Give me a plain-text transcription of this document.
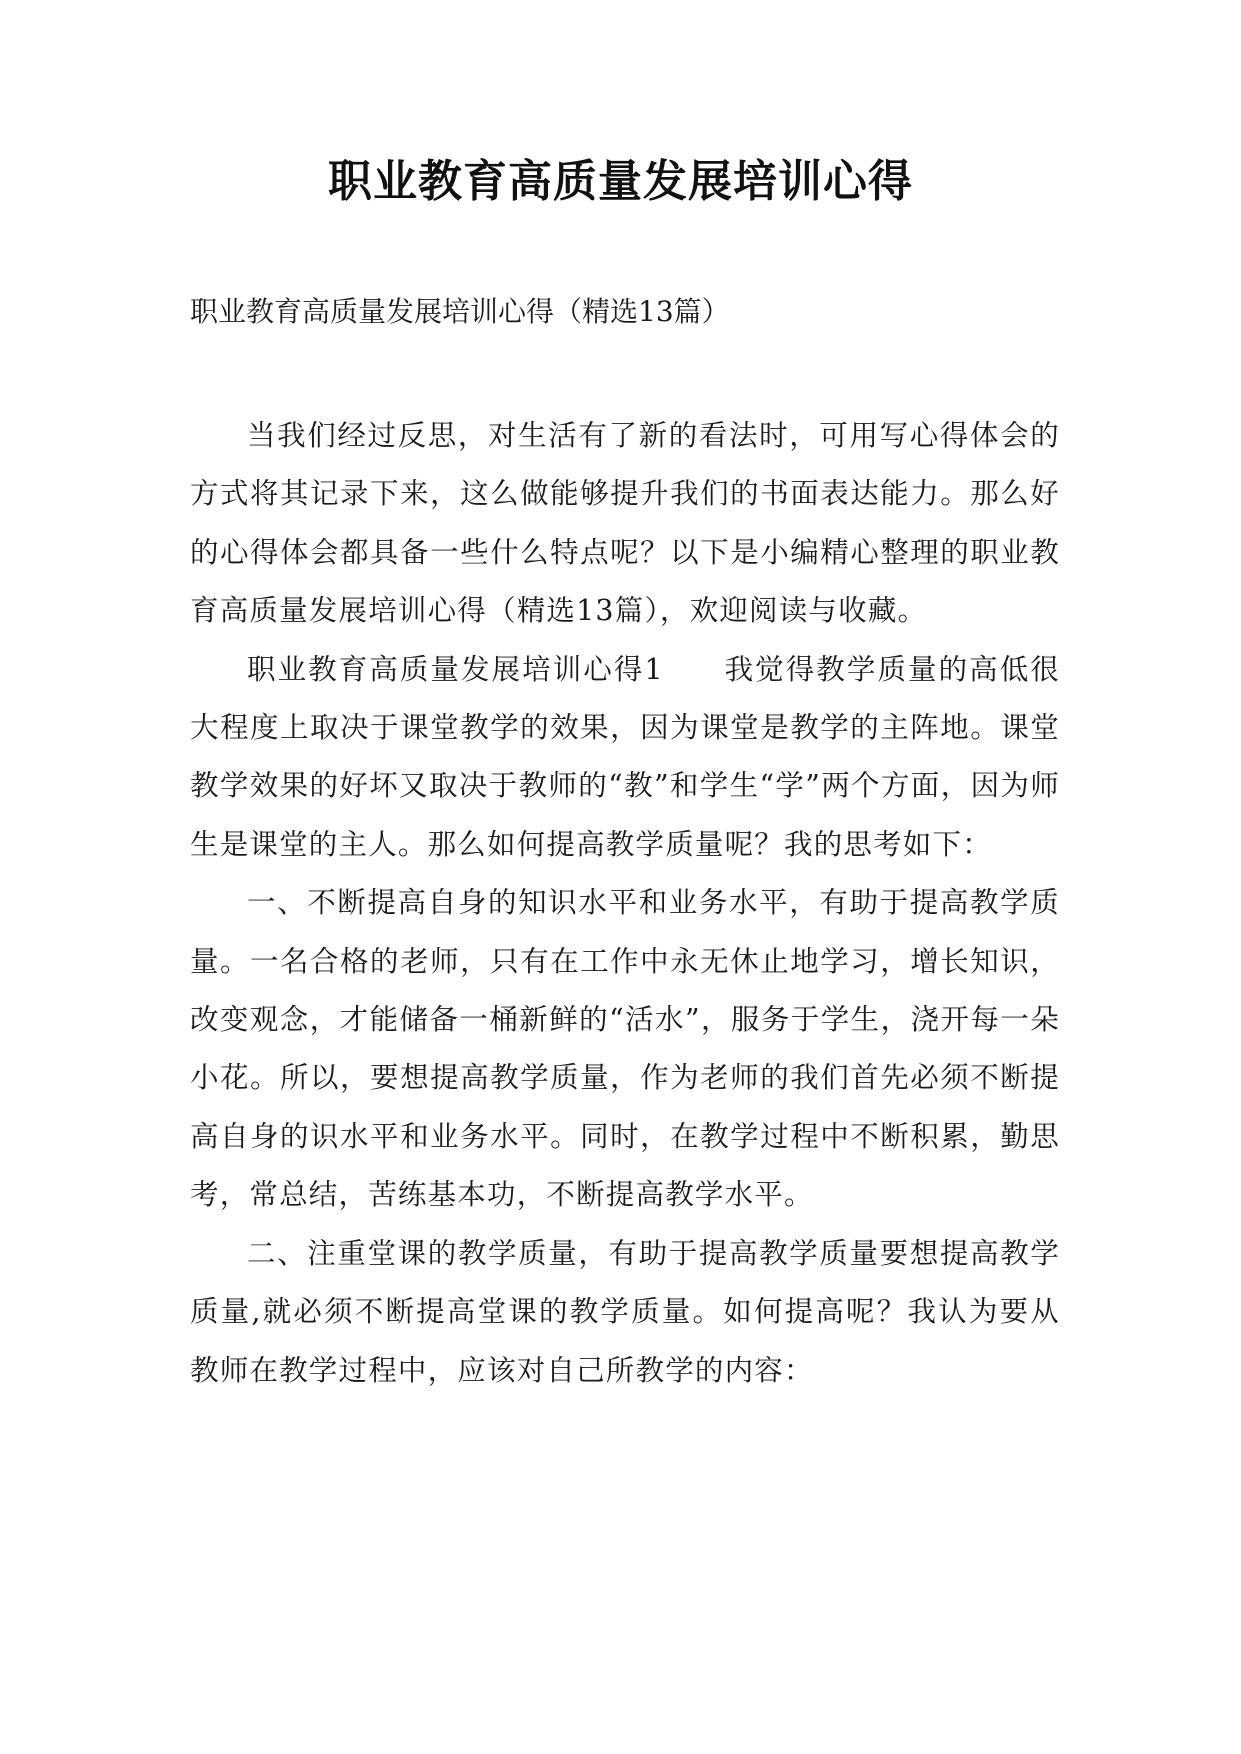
职业教育高质量发展培训心得
职业教育高质量发展培训心得（精选13篇）

当我们经过反思，对生活有了新的看法时，可用写心得体会的方式将其记录下来，这么做能够提升我们的书面表达能力。那么好的心得体会都具备一些什么特点呢？以下是小编精心整理的职业教育高质量发展培训心得（精选13篇），欢迎阅读与收藏。

职业教育高质量发展培训心得1 我觉得教学质量的高低很大程度上取决于课堂教学的效果，因为课堂是教学的主阵地。课堂教学效果的好坏又取决于教师的“教”和学生“学”两个方面，因为师生是课堂的主人。那么如何提高教学质量呢？我的思考如下：

一、不断提高自身的知识水平和业务水平，有助于提高教学质量。一名合格的老师，只有在工作中永无休止地学习，增长知识，改变观念，才能储备一桶新鲜的“活水”，服务于学生，浇开每一朵小花。所以，要想提高教学质量，作为老师的我们首先必须不断提高自身的识水平和业务水平。同时，在教学过程中不断积累，勤思考，常总结，苦练基本功，不断提高教学水平。

二、注重堂课的教学质量，有助于提高教学质量要想提高教学质量,就必须不断提高堂课的教学质量。如何提高呢？我认为要从教师在教学过程中，应该对自己所教学的内容：
